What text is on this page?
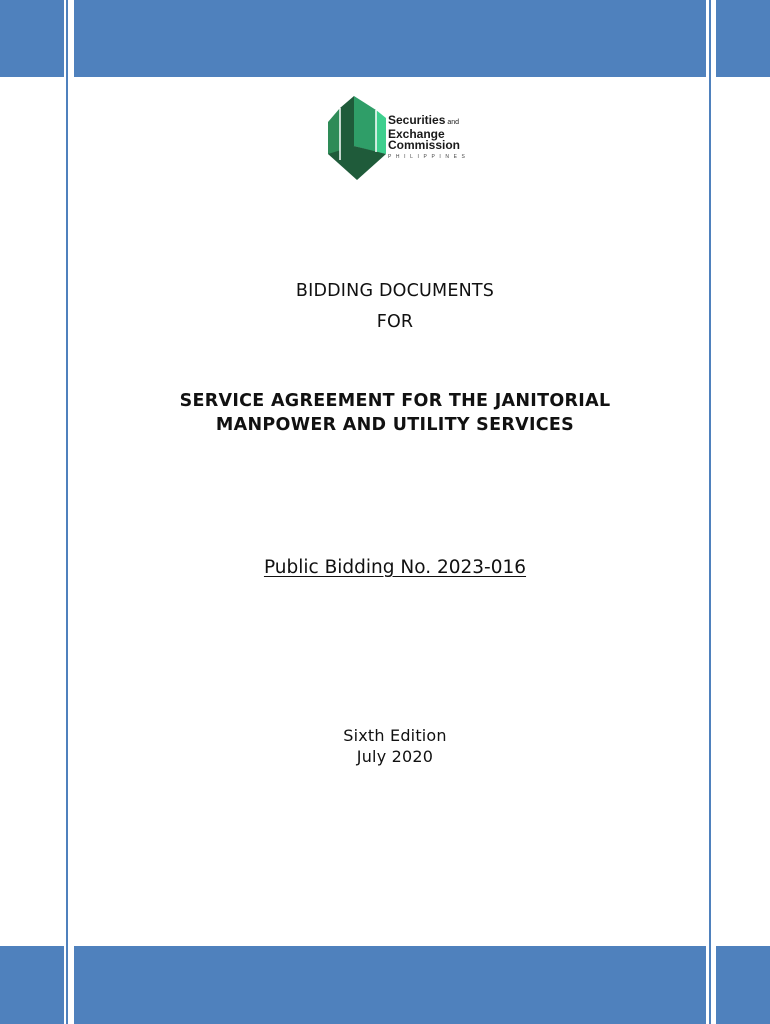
Securities and
Exchange
Commission
PHILIPPINES
BIDDING DOCUMENTS
FOR
SERVICE AGREEMENT FOR THE JANITORIAL
MANPOWER AND UTILITY SERVICES
Public Bidding No. 2023-016
Sixth Edition
July 2020
